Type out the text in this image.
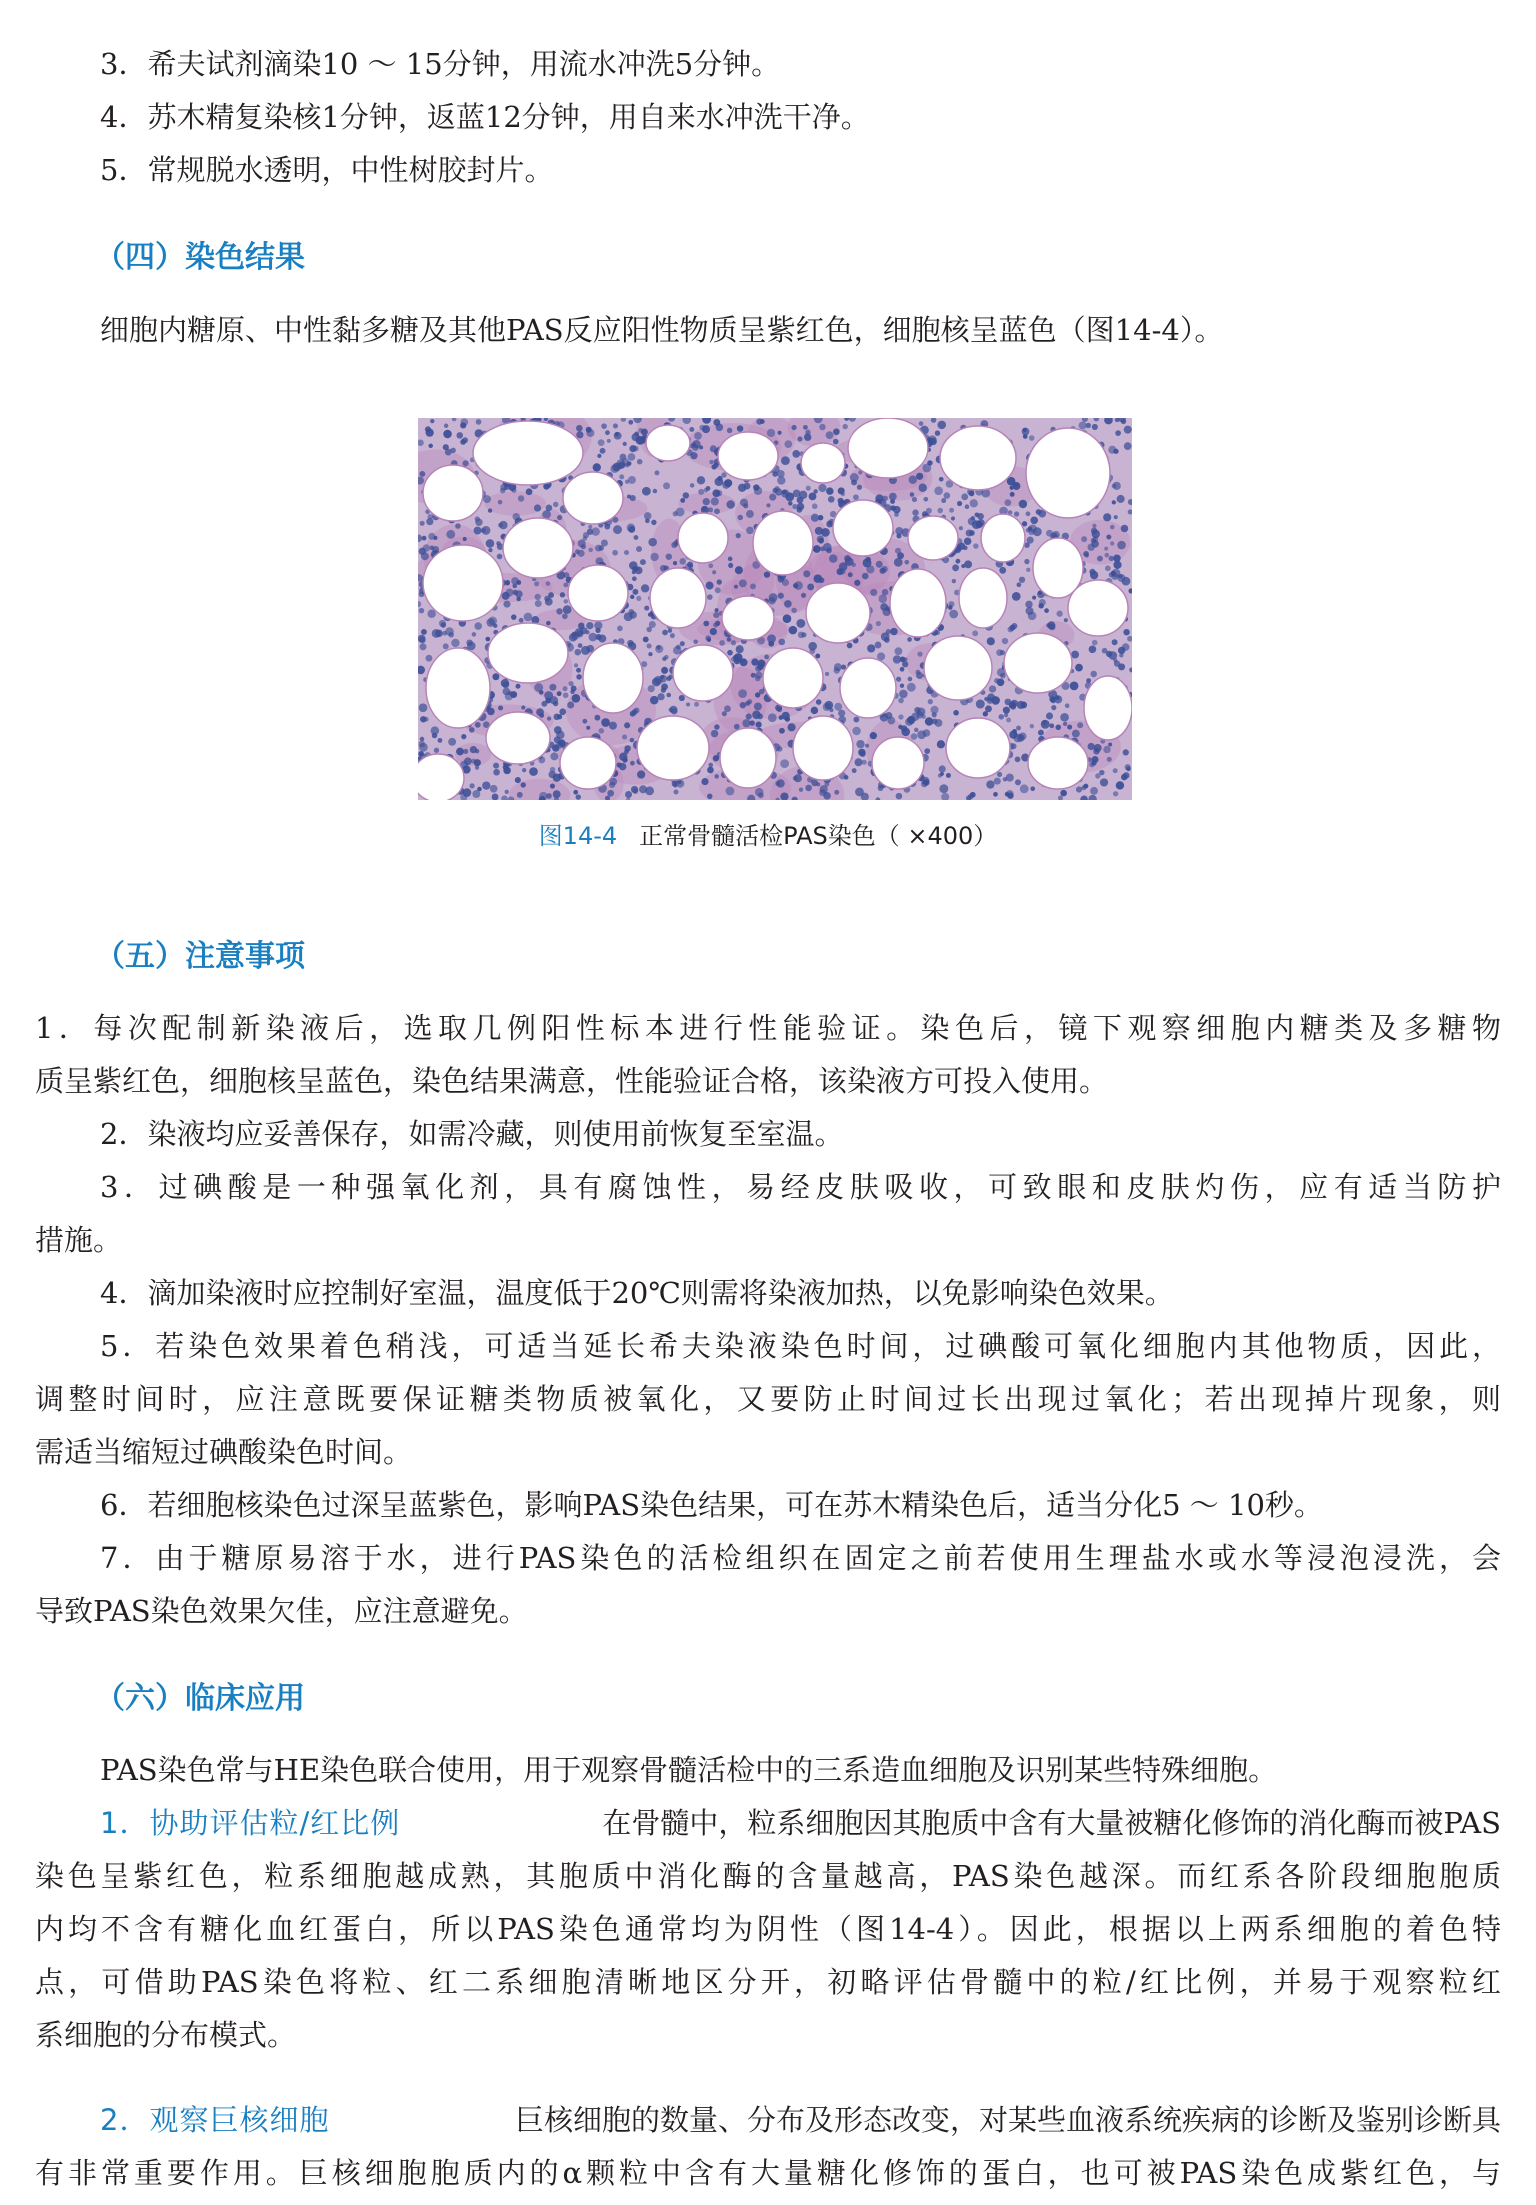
3．希夫试剂滴染10 ～ 15分钟，用流水冲洗5分钟。
4．苏木精复染核1分钟，返蓝12分钟，用自来水冲洗干净。
5．常规脱水透明，中性树胶封片。
（四）染色结果
细胞内糖原、中性黏多糖及其他PAS反应阳性物质呈紫红色，细胞核呈蓝色（图14-4）。
图14-4 正常骨髓活检PAS染色（ ×400）
（五）注意事项
1．每次配制新染液后，选取几例阳性标本进行性能验证。染色后，镜下观察细胞内糖类及多糖物
质呈紫红色，细胞核呈蓝色，染色结果满意，性能验证合格，该染液方可投入使用。
2．染液均应妥善保存，如需冷藏，则使用前恢复至室温。
3．过碘酸是一种强氧化剂，具有腐蚀性，易经皮肤吸收，可致眼和皮肤灼伤，应有适当防护
措施。
4．滴加染液时应控制好室温，温度低于20℃则需将染液加热，以免影响染色效果。
5．若染色效果着色稍浅，可适当延长希夫染液染色时间，过碘酸可氧化细胞内其他物质，因此，
调整时间时，应注意既要保证糖类物质被氧化，又要防止时间过长出现过氧化；若出现掉片现象，则
需适当缩短过碘酸染色时间。
6．若细胞核染色过深呈蓝紫色，影响PAS染色结果，可在苏木精染色后，适当分化5 ～ 10秒。
7．由于糖原易溶于水，进行PAS染色的活检组织在固定之前若使用生理盐水或水等浸泡浸洗，会
导致PAS染色效果欠佳，应注意避免。
（六）临床应用
PAS染色常与HE染色联合使用，用于观察骨髓活检中的三系造血细胞及识别某些特殊细胞。
1．协助评估粒/红比例	在骨髓中，粒系细胞因其胞质中含有大量被糖化修饰的消化酶而被PAS
染色呈紫红色，粒系细胞越成熟，其胞质中消化酶的含量越高，PAS染色越深。而红系各阶段细胞胞质
内均不含有糖化血红蛋白，所以PAS染色通常均为阴性（图14-4）。因此，根据以上两系细胞的着色特
点，可借助PAS染色将粒、红二系细胞清晰地区分开，初略评估骨髓中的粒/红比例，并易于观察粒红
系细胞的分布模式。
2．观察巨核细胞	巨核细胞的数量、分布及形态改变，对某些血液系统疾病的诊断及鉴别诊断具
有非常重要作用。巨核细胞胞质内的α颗粒中含有大量糖化修饰的蛋白，也可被PAS染色成紫红色，与
